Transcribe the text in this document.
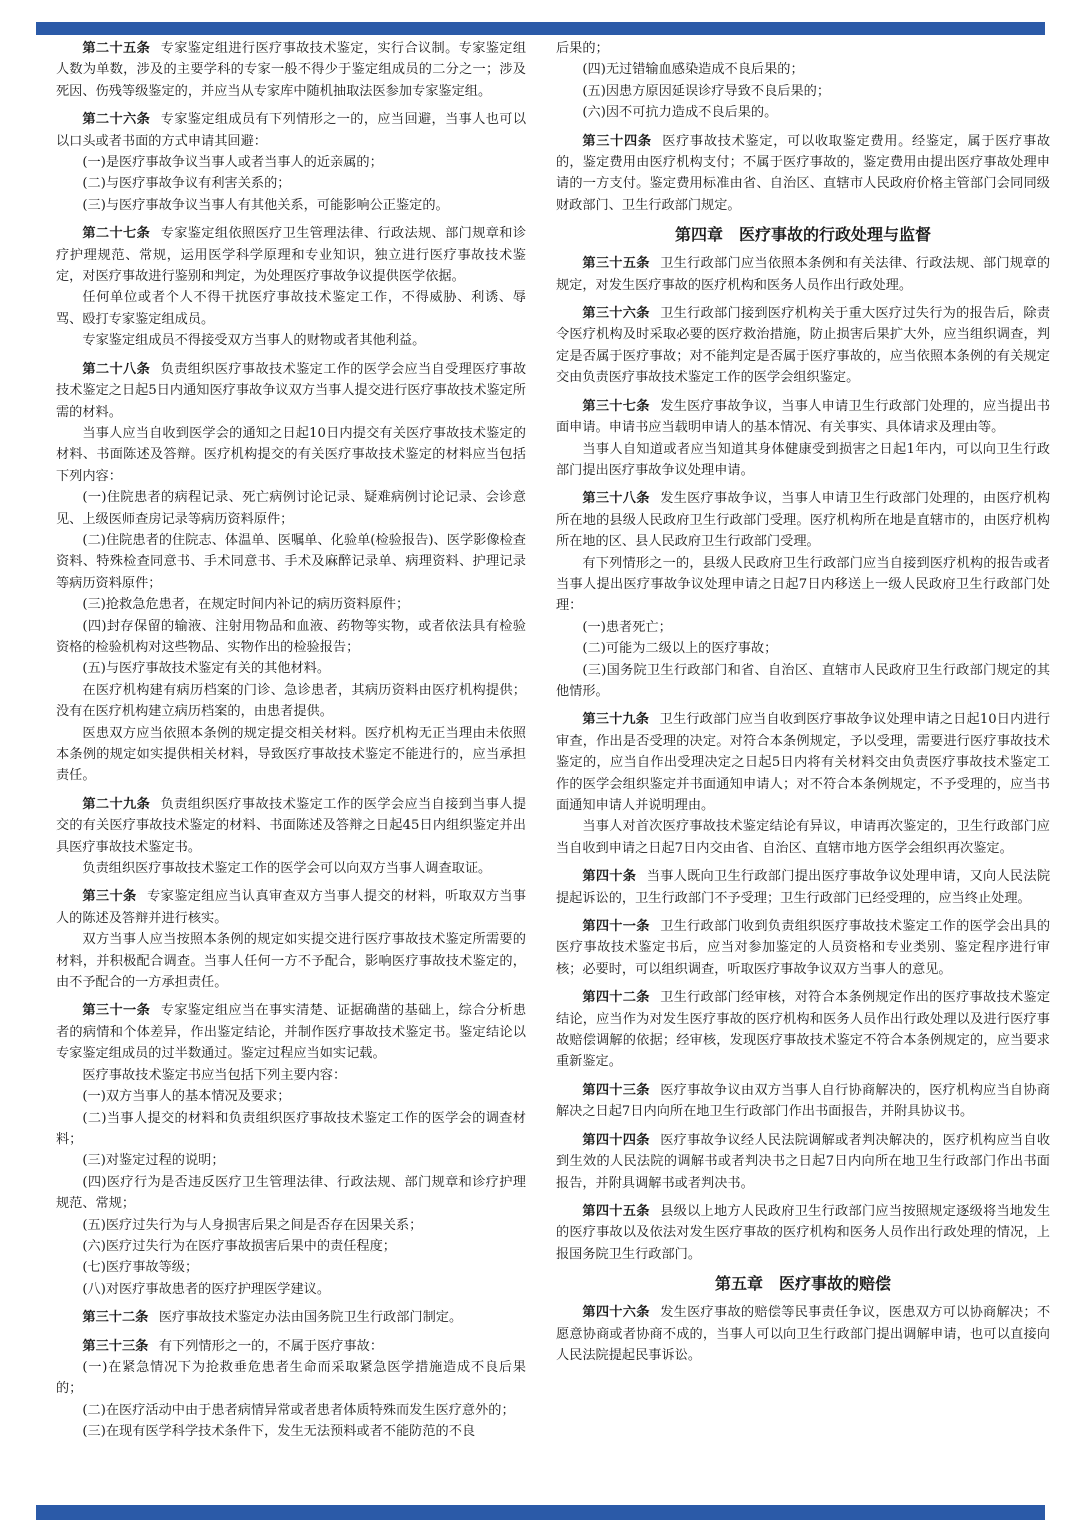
第二十五条 专家鉴定组进行医疗事故技术鉴定，实行合议制。专家鉴定组人数为单数，涉及的主要学科的专家一般不得少于鉴定组成员的二分之一；涉及死因、伤残等级鉴定的，并应当从专家库中随机抽取法医参加专家鉴定组。

第二十六条 专家鉴定组成员有下列情形之一的，应当回避，当事人也可以以口头或者书面的方式申请其回避：

(一)是医疗事故争议当事人或者当事人的近亲属的；

(二)与医疗事故争议有利害关系的；

(三)与医疗事故争议当事人有其他关系，可能影响公正鉴定的。

第二十七条 专家鉴定组依照医疗卫生管理法律、行政法规、部门规章和诊疗护理规范、常规，运用医学科学原理和专业知识，独立进行医疗事故技术鉴定，对医疗事故进行鉴别和判定，为处理医疗事故争议提供医学依据。

任何单位或者个人不得干扰医疗事故技术鉴定工作，不得威胁、利诱、辱骂、殴打专家鉴定组成员。

专家鉴定组成员不得接受双方当事人的财物或者其他利益。

第二十八条 负责组织医疗事故技术鉴定工作的医学会应当自受理医疗事故技术鉴定之日起5日内通知医疗事故争议双方当事人提交进行医疗事故技术鉴定所需的材料。

当事人应当自收到医学会的通知之日起10日内提交有关医疗事故技术鉴定的材料、书面陈述及答辩。医疗机构提交的有关医疗事故技术鉴定的材料应当包括下列内容：

(一)住院患者的病程记录、死亡病例讨论记录、疑难病例讨论记录、会诊意见、上级医师查房记录等病历资料原件；

(二)住院患者的住院志、体温单、医嘱单、化验单(检验报告)、医学影像检查资料、特殊检查同意书、手术同意书、手术及麻醉记录单、病理资料、护理记录等病历资料原件；

(三)抢救急危患者，在规定时间内补记的病历资料原件；

(四)封存保留的输液、注射用物品和血液、药物等实物，或者依法具有检验资格的检验机构对这些物品、实物作出的检验报告；

(五)与医疗事故技术鉴定有关的其他材料。

在医疗机构建有病历档案的门诊、急诊患者，其病历资料由医疗机构提供；没有在医疗机构建立病历档案的，由患者提供。

医患双方应当依照本条例的规定提交相关材料。医疗机构无正当理由未依照本条例的规定如实提供相关材料，导致医疗事故技术鉴定不能进行的，应当承担责任。

第二十九条 负责组织医疗事故技术鉴定工作的医学会应当自接到当事人提交的有关医疗事故技术鉴定的材料、书面陈述及答辩之日起45日内组织鉴定并出具医疗事故技术鉴定书。

负责组织医疗事故技术鉴定工作的医学会可以向双方当事人调查取证。

第三十条 专家鉴定组应当认真审查双方当事人提交的材料，听取双方当事人的陈述及答辩并进行核实。

双方当事人应当按照本条例的规定如实提交进行医疗事故技术鉴定所需要的材料，并积极配合调查。当事人任何一方不予配合，影响医疗事故技术鉴定的，由不予配合的一方承担责任。

第三十一条 专家鉴定组应当在事实清楚、证据确凿的基础上，综合分析患者的病情和个体差异，作出鉴定结论，并制作医疗事故技术鉴定书。鉴定结论以专家鉴定组成员的过半数通过。鉴定过程应当如实记载。

医疗事故技术鉴定书应当包括下列主要内容：

(一)双方当事人的基本情况及要求；

(二)当事人提交的材料和负责组织医疗事故技术鉴定工作的医学会的调查材料；

(三)对鉴定过程的说明；

(四)医疗行为是否违反医疗卫生管理法律、行政法规、部门规章和诊疗护理规范、常规；

(五)医疗过失行为与人身损害后果之间是否存在因果关系；

(六)医疗过失行为在医疗事故损害后果中的责任程度；

(七)医疗事故等级；

(八)对医疗事故患者的医疗护理医学建议。

第三十二条 医疗事故技术鉴定办法由国务院卫生行政部门制定。

第三十三条 有下列情形之一的，不属于医疗事故：

(一)在紧急情况下为抢救垂危患者生命而采取紧急医学措施造成不良后果的；

(二)在医疗活动中由于患者病情异常或者患者体质特殊而发生医疗意外的；

(三)在现有医学科学技术条件下，发生无法预料或者不能防范的不良

后果的；

(四)无过错输血感染造成不良后果的；

(五)因患方原因延误诊疗导致不良后果的；

(六)因不可抗力造成不良后果的。

第三十四条 医疗事故技术鉴定，可以收取鉴定费用。经鉴定，属于医疗事故的，鉴定费用由医疗机构支付；不属于医疗事故的，鉴定费用由提出医疗事故处理申请的一方支付。鉴定费用标准由省、自治区、直辖市人民政府价格主管部门会同同级财政部门、卫生行政部门规定。

第四章　医疗事故的行政处理与监督

第三十五条 卫生行政部门应当依照本条例和有关法律、行政法规、部门规章的规定，对发生医疗事故的医疗机构和医务人员作出行政处理。

第三十六条 卫生行政部门接到医疗机构关于重大医疗过失行为的报告后，除责令医疗机构及时采取必要的医疗救治措施，防止损害后果扩大外，应当组织调查，判定是否属于医疗事故；对不能判定是否属于医疗事故的，应当依照本条例的有关规定交由负责医疗事故技术鉴定工作的医学会组织鉴定。

第三十七条 发生医疗事故争议，当事人申请卫生行政部门处理的，应当提出书面申请。申请书应当载明申请人的基本情况、有关事实、具体请求及理由等。

当事人自知道或者应当知道其身体健康受到损害之日起1年内，可以向卫生行政部门提出医疗事故争议处理申请。

第三十八条 发生医疗事故争议，当事人申请卫生行政部门处理的，由医疗机构所在地的县级人民政府卫生行政部门受理。医疗机构所在地是直辖市的，由医疗机构所在地的区、县人民政府卫生行政部门受理。

有下列情形之一的，县级人民政府卫生行政部门应当自接到医疗机构的报告或者当事人提出医疗事故争议处理申请之日起7日内移送上一级人民政府卫生行政部门处理：

(一)患者死亡；

(二)可能为二级以上的医疗事故；

(三)国务院卫生行政部门和省、自治区、直辖市人民政府卫生行政部门规定的其他情形。

第三十九条 卫生行政部门应当自收到医疗事故争议处理申请之日起10日内进行审查，作出是否受理的决定。对符合本条例规定，予以受理，需要进行医疗事故技术鉴定的，应当自作出受理决定之日起5日内将有关材料交由负责医疗事故技术鉴定工作的医学会组织鉴定并书面通知申请人；对不符合本条例规定，不予受理的，应当书面通知申请人并说明理由。

当事人对首次医疗事故技术鉴定结论有异议，申请再次鉴定的，卫生行政部门应当自收到申请之日起7日内交由省、自治区、直辖市地方医学会组织再次鉴定。

第四十条 当事人既向卫生行政部门提出医疗事故争议处理申请，又向人民法院提起诉讼的，卫生行政部门不予受理；卫生行政部门已经受理的，应当终止处理。

第四十一条 卫生行政部门收到负责组织医疗事故技术鉴定工作的医学会出具的医疗事故技术鉴定书后，应当对参加鉴定的人员资格和专业类别、鉴定程序进行审核；必要时，可以组织调查，听取医疗事故争议双方当事人的意见。

第四十二条 卫生行政部门经审核，对符合本条例规定作出的医疗事故技术鉴定结论，应当作为对发生医疗事故的医疗机构和医务人员作出行政处理以及进行医疗事故赔偿调解的依据；经审核，发现医疗事故技术鉴定不符合本条例规定的，应当要求重新鉴定。

第四十三条 医疗事故争议由双方当事人自行协商解决的，医疗机构应当自协商解决之日起7日内向所在地卫生行政部门作出书面报告，并附具协议书。

第四十四条 医疗事故争议经人民法院调解或者判决解决的，医疗机构应当自收到生效的人民法院的调解书或者判决书之日起7日内向所在地卫生行政部门作出书面报告，并附具调解书或者判决书。

第四十五条 县级以上地方人民政府卫生行政部门应当按照规定逐级将当地发生的医疗事故以及依法对发生医疗事故的医疗机构和医务人员作出行政处理的情况，上报国务院卫生行政部门。

第五章　医疗事故的赔偿

第四十六条 发生医疗事故的赔偿等民事责任争议，医患双方可以协商解决；不愿意协商或者协商不成的，当事人可以向卫生行政部门提出调解申请，也可以直接向人民法院提起民事诉讼。
